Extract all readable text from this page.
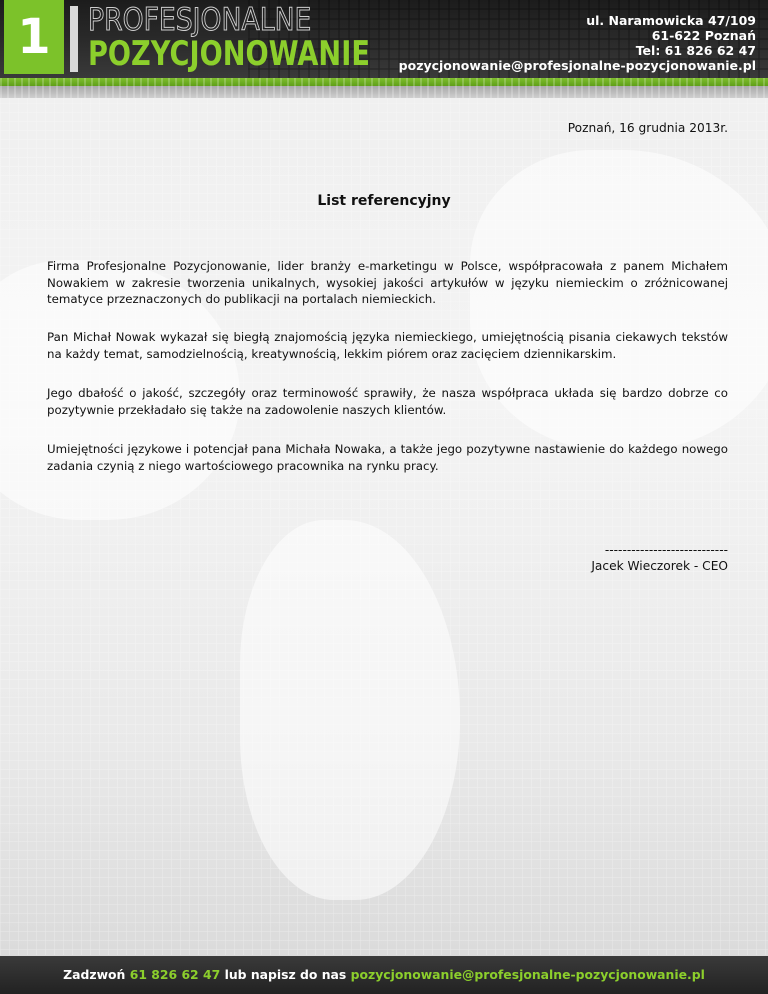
1	PROFESJONALNE
POZYCJONOWANIE
ul. Naramowicka 47/109
61-622 Poznań
Tel: 61 826 62 47
pozycjonowanie@profesjonalne-pozycjonowanie.pl
Poznań, 16 grudnia 2013r.
List referencyjny

Firma Profesjonalne Pozycjonowanie, lider branży e-marketingu w Polsce, współpracowała z panem Michałem Nowakiem w zakresie tworzenia unikalnych, wysokiej jakości artykułów w języku niemieckim o zróżnicowanej tematyce przeznaczonych do publikacji na portalach niemieckich.

Pan Michał Nowak wykazał się biegłą znajomością języka niemieckiego, umiejętnością pisania ciekawych tekstów na każdy temat, samodzielnością, kreatywnością, lekkim piórem oraz zacięciem dziennikarskim.

Jego dbałość o jakość, szczegóły oraz terminowość sprawiły, że nasza współpraca układa się bardzo dobrze co pozytywnie przekładało się także na zadowolenie naszych klientów.

Umiejętności językowe i potencjał pana Michała Nowaka, a także jego pozytywne nastawienie do każdego nowego zadania czynią z niego wartościowego pracownika na rynku pracy.

----------------------------
Jacek Wieczorek - CEO
Zadzwoń 61 826 62 47 lub napisz do nas pozycjonowanie@profesjonalne-pozycjonowanie.pl
